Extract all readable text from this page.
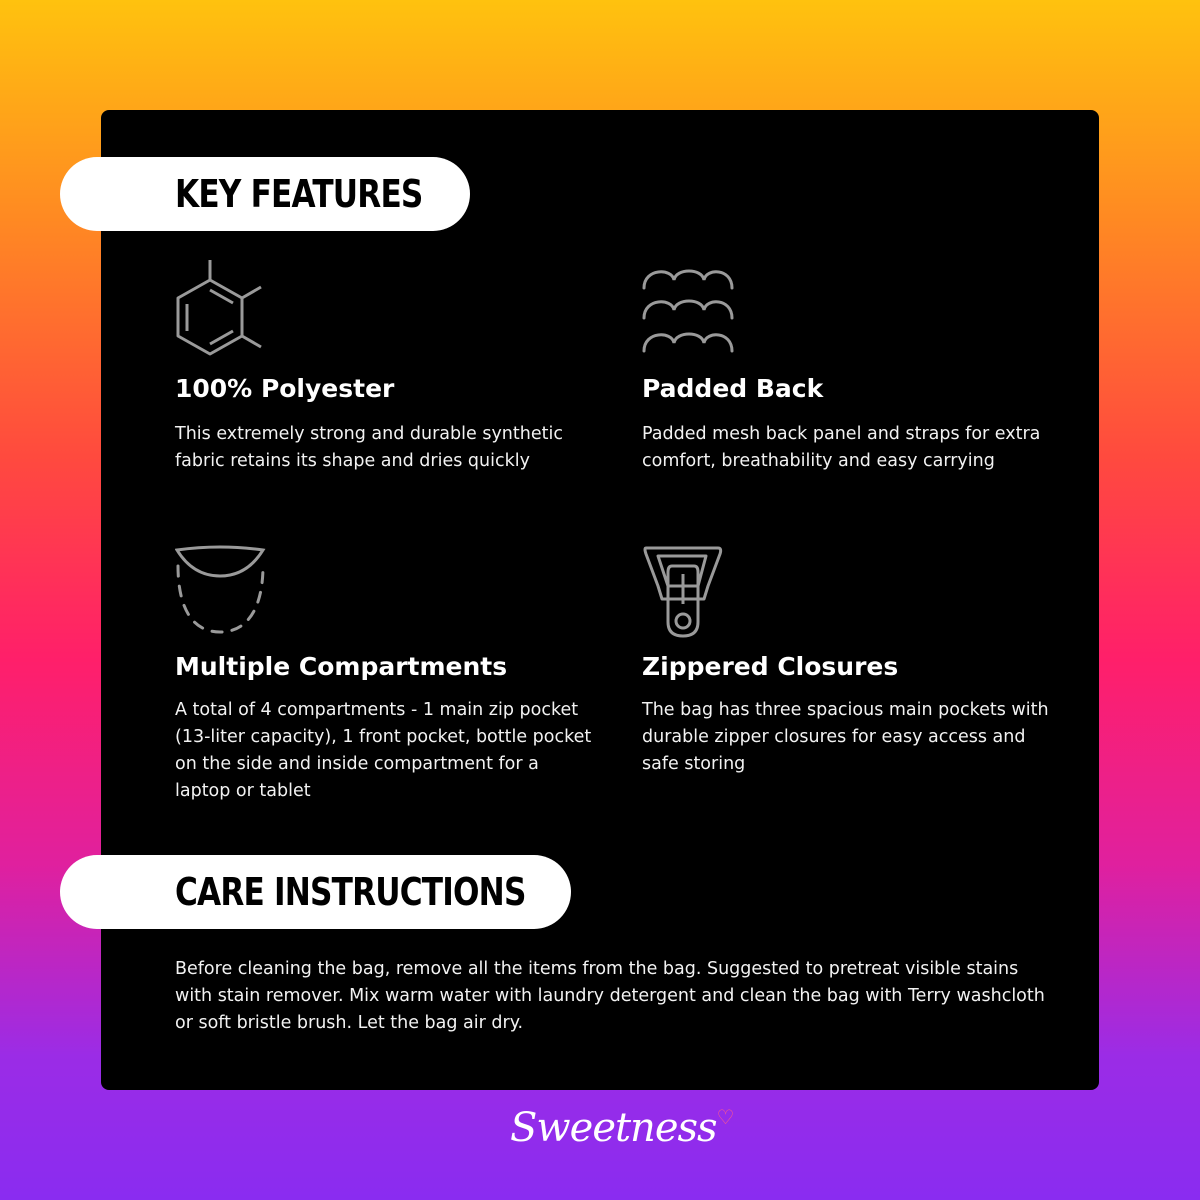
KEY FEATURES
100% Polyester

This extremely strong and durable synthetic fabric retains its shape and dries quickly

Padded Back

Padded mesh back panel and straps for extra comfort, breathability and easy carrying

Multiple Compartments

A total of 4 compartments - 1 main zip pocket (13-liter capacity), 1 front pocket, bottle pocket on the side and inside compartment for a laptop or tablet

Zippered Closures

The bag has three spacious main pockets with durable zipper closures for easy access and safe storing

CARE INSTRUCTIONS

Before cleaning the bag, remove all the items from the bag. Suggested to pretreat visible stains with stain remover. Mix warm water with laundry detergent and clean the bag with Terry washcloth or soft bristle brush. Let the bag air dry.

Sweetness♡
